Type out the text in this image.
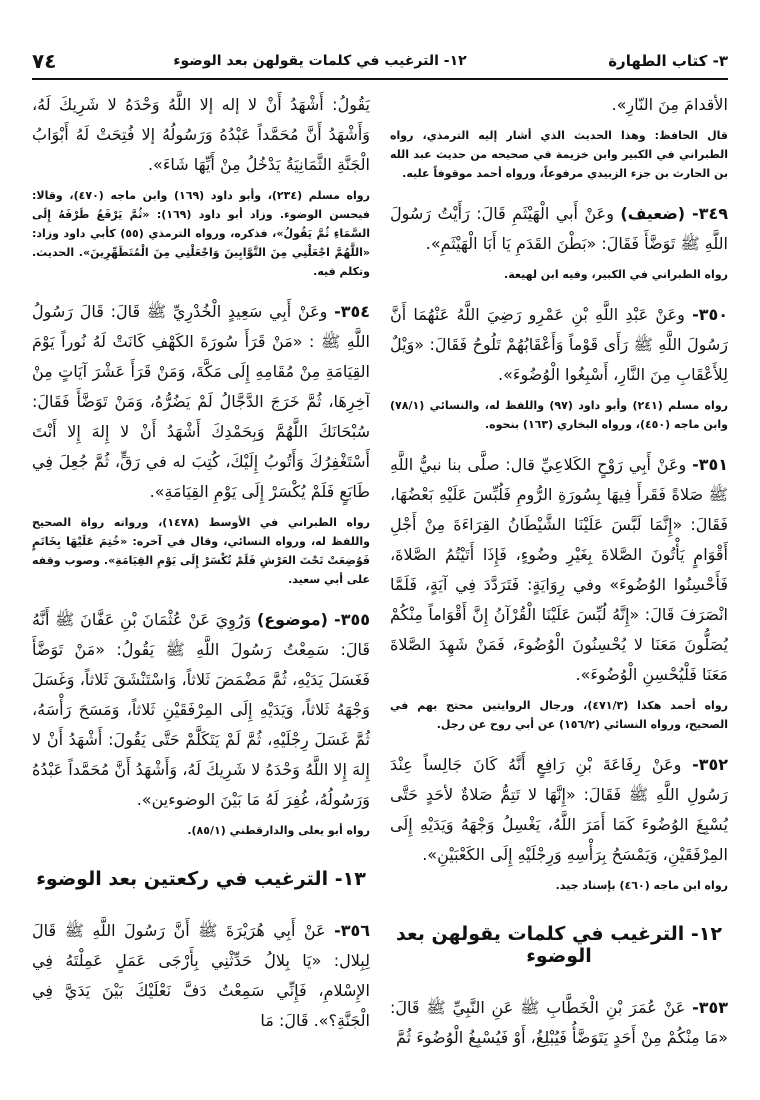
٣- كتاب الطهارة
١٢- الترغيب في كلمات يقولهن بعد الوضوء
٧٤

الأقدامَ مِنَ النّارِ».

قال الحافظ: وهذا الحديث الذي أشار إليه الترمذي، رواه الطبراني في الكبير وابن خزيمة في صحيحه من حديث عبد الله بن الحارث بن جزء الزبيدي مرفوعاً، ورواه أحمد موقوفاً عليه.

٣٤٩- (ضعيف) وعَنْ أَبي الْهَيْثَمِ قَالَ: رَأَيْتُ رَسُولَ اللَّهِ ﷺ تَوَضَّأَ فَقَالَ: «بَطْنَ القَدَمِ يَا أَبَا الْهَيْثَمِ».

رواه الطبراني في الكبير، وفيه ابن لهيعة.

٣٥٠- وعَنْ عَبْدِ اللَّهِ بْنِ عَمْرِو رَضِيَ اللَّهُ عَنْهُمَا أَنَّ رَسُولَ اللَّهِ ﷺ رَأَى قَوْماً وَأَعْقَابُهُمْ تَلُوحُ فَقَالَ: «وَيْلٌ لِلأَعْقَابِ مِنَ النَّارِ، أَسْبِغُوا الْوُضُوءَ».

رواه مسلم (٢٤١) وأبو داود (٩٧) واللفظ له، والنسائي (٧٨/١) وابن ماجه (٤٥٠)، ورواه البخاري (١٦٣) بنحوه.

٣٥١- وعَنْ أَبِي رَوْحٍ الكَلاعِيِّ قال: صلَّى بنا نبيُّ اللَّهِ ﷺ صَلاةً فَقَرأَ فِيهَا بِسُورَةِ الرُّومِ فَلُبِّسَ عَلَيْهِ بَعْضُهَا، فَقَالَ: «إِنَّمَا لَبَّسَ عَلَيْنَا الشَّيْطَانُ القِرَاءَةَ مِنْ أَجْلِ أَقْوَامٍ يَأْتُونَ الصَّلاةَ بِغَيْرِ وضُوءٍ، فَإِذَا أَتَيْتُمُ الصَّلاةَ، فَأَحْسِنُوا الوُضُوءَ» وفي رِوَايَةٍ: فَتَرَدَّدَ فِي آيَةٍ، فَلَمَّا انْصَرَفَ قَالَ: «إِنَّهُ لُبِّسَ عَلَيْنَا الْقُرْآنُ إِنَّ أَقْوَاماً مِنْكُمْ يُصَلُّونَ مَعَنَا لا يُحْسِنُونَ الْوُضُوءَ، فَمَنْ شَهِدَ الصَّلاةَ مَعَنَا فَلْيُحْسِنِ الْوُضُوءَ».

رواه أحمد هكذا (٤٧١/٣)، ورجال الروايتين محتج بهم في الصحيح، ورواه النسائي (١٥٦/٢) عن أبي روح عن رجل.

٣٥٢- وعَنْ رِفَاعَةَ بْنِ رَافِعٍ أَنَّهُ كَانَ جَالِساً عِنْدَ رَسُولِ اللَّهِ ﷺ فَقَالَ: «إِنَّهَا لا تَتِمُّ صَلاةٌ لأحَدٍ حَتَّى يُسْبِغَ الوُضُوءَ كَمَا أَمَرَ اللَّهُ، يَغْسِلُ وَجْهَهُ وَيَدَيْهِ إِلَى المِرْفَقَيْنِ، وَيَمْسَحُ بِرَأْسِهِ وَرِجْلَيْهِ إِلَى الكَعْبَيْنِ».

رواه ابن ماجه (٤٦٠) بإسناد جيد.

١٢- الترغيب في كلمات يقولهن بعد الوضوء

٣٥٣- عَنْ عُمَرَ بْنِ الْخَطَّابِ ﷺ عَنِ النَّبِيِّ ﷺ قَالَ: «مَا مِنْكُمْ مِنْ أَحَدٍ يَتَوَضَّأُ فَيُبْلِغُ، أَوْ فَيُسْبِغُ الْوُضُوءَ ثُمَّ

يَقُولُ: أَشْهَدُ أَنْ لا إله إلا اللَّهُ وَحْدَهُ لا شَرِيكَ لَهُ، وَأَشْهَدُ أَنَّ مُحَمَّداً عَبْدُهُ وَرَسُولُهُ إلا فُتِحَتْ لَهُ أَبْوَابُ الْجَنَّةِ الثَّمَانِيَةُ يَدْخُلُ مِنْ أَيِّهَا شَاءَ».

رواه مسلم (٢٣٤)، وأبو داود (١٦٩) وابن ماجه (٤٧٠)، وقالا: فيحسن الوضوء. وزاد أبو داود (١٦٩): «ثُمَّ يَرْفَعُ طَرْفَهُ إِلَى السَّمَاءِ ثُمَّ يَقُولُ»، فذكره، ورواه الترمذي (٥٥) كأبي داود وزاد: «اللَّهُمَّ اجْعَلْنِي مِنَ التَّوَّابِينَ وَاجْعَلْنِي مِنَ الْمُتَطَهِّرِينَ». الحديث. وتكلم فيه.

٣٥٤- وعَنْ أَبِي سَعِيدٍ الْخُدْرِيِّ ﷺ قَالَ: قَالَ رَسُولُ اللَّهِ ﷺ : «مَنْ قَرَأَ سُورَةَ الكَهْفِ كَانَتْ لَهُ نُوراً يَوْمَ القِيَامَةِ مِنْ مُقَامِهِ إِلَى مَكَّةَ، وَمَنْ قَرَأَ عَشْرَ آيَاتٍ مِنْ آخِرِهَا، ثُمَّ خَرَجَ الدَّجَّالُ لَمْ يَضُرُّهُ، وَمَنْ تَوَضَّأَ فَقَالَ: سُبْحَانَكَ اللَّهُمَّ وَبِحَمْدِكَ أَشْهَدُ أَنْ لا إِلهَ إِلا أَنْتَ أَسْتَغْفِرُكَ وَأَتُوبُ إِلَيْكَ، كُتِبَ له في رَقٍّ، ثُمَّ جُعِلَ فِي طَابَعٍ فَلَمْ يُكْسَرْ إِلَى يَوْمِ القِيَامَةِ».

رواه الطبراني في الأوسط (١٤٧٨)، ورواته رواة الصحيح واللفظ له، ورواه النسائي، وقال في آخره: «خُتِمَ عَلَيْهَا بِخَاتَمٍ فَوُضِعَتْ تَحْتَ العَرْشِ فَلَمْ تُكْسَرْ إِلَى يَوْمِ القِيَامَةِ». وصوب وقفه على أبي سعيد.

٣٥٥- (موضوع) وَرُوِيَ عَنْ عُثْمَانَ بْنِ عَفَّانَ ﷺ أَنَّهُ قَالَ: سَمِعْتُ رَسُولَ اللَّهِ ﷺ يَقُولُ: «مَنْ تَوَضَّأَ فَغَسَلَ يَدَيْهِ، ثُمَّ مَضْمَضَ ثَلاثاً، وَاسْتَنْشَقَ ثَلاثاً، وَغَسَلَ وَجْهَهُ ثَلاثاً، وَيَدَيْهِ إِلَى المِرْفَقَيْنِ ثَلاثاً، وَمَسَحَ رَأْسَهُ، ثُمَّ غَسَلَ رِجْلَيْهِ، ثُمَّ لَمْ يَتَكَلَّمْ حَتَّى يَقُولَ: أَشْهَدُ أَنْ لا إِلهَ إِلا اللَّهُ وَحْدَهُ لا شَرِيكَ لَهُ، وَأَشْهَدُ أَنَّ مُحَمَّداً عَبْدُهُ وَرَسُولُهُ، غُفِرَ لَهُ مَا بَيْنَ الوضوءين».

رواه أبو يعلى والدارقطني (٨٥/١).

١٣- الترغيب في ركعتين بعد الوضوء

٣٥٦- عَنْ أَبِي هُرَيْرَةَ ﷺ أَنَّ رَسُولَ اللَّهِ ﷺ قَالَ لِبِلال: «يَا بِلالُ حَدِّثْنِي بِأَرْجَى عَمَلٍ عَمِلْتَهُ فِي الإِسْلامِ، فَإِنِّي سَمِعْتُ دَفَّ نَعْلَيْكَ بَيْنَ يَدَيَّ فِي الْجَنَّةِ؟». قَالَ: مَا
